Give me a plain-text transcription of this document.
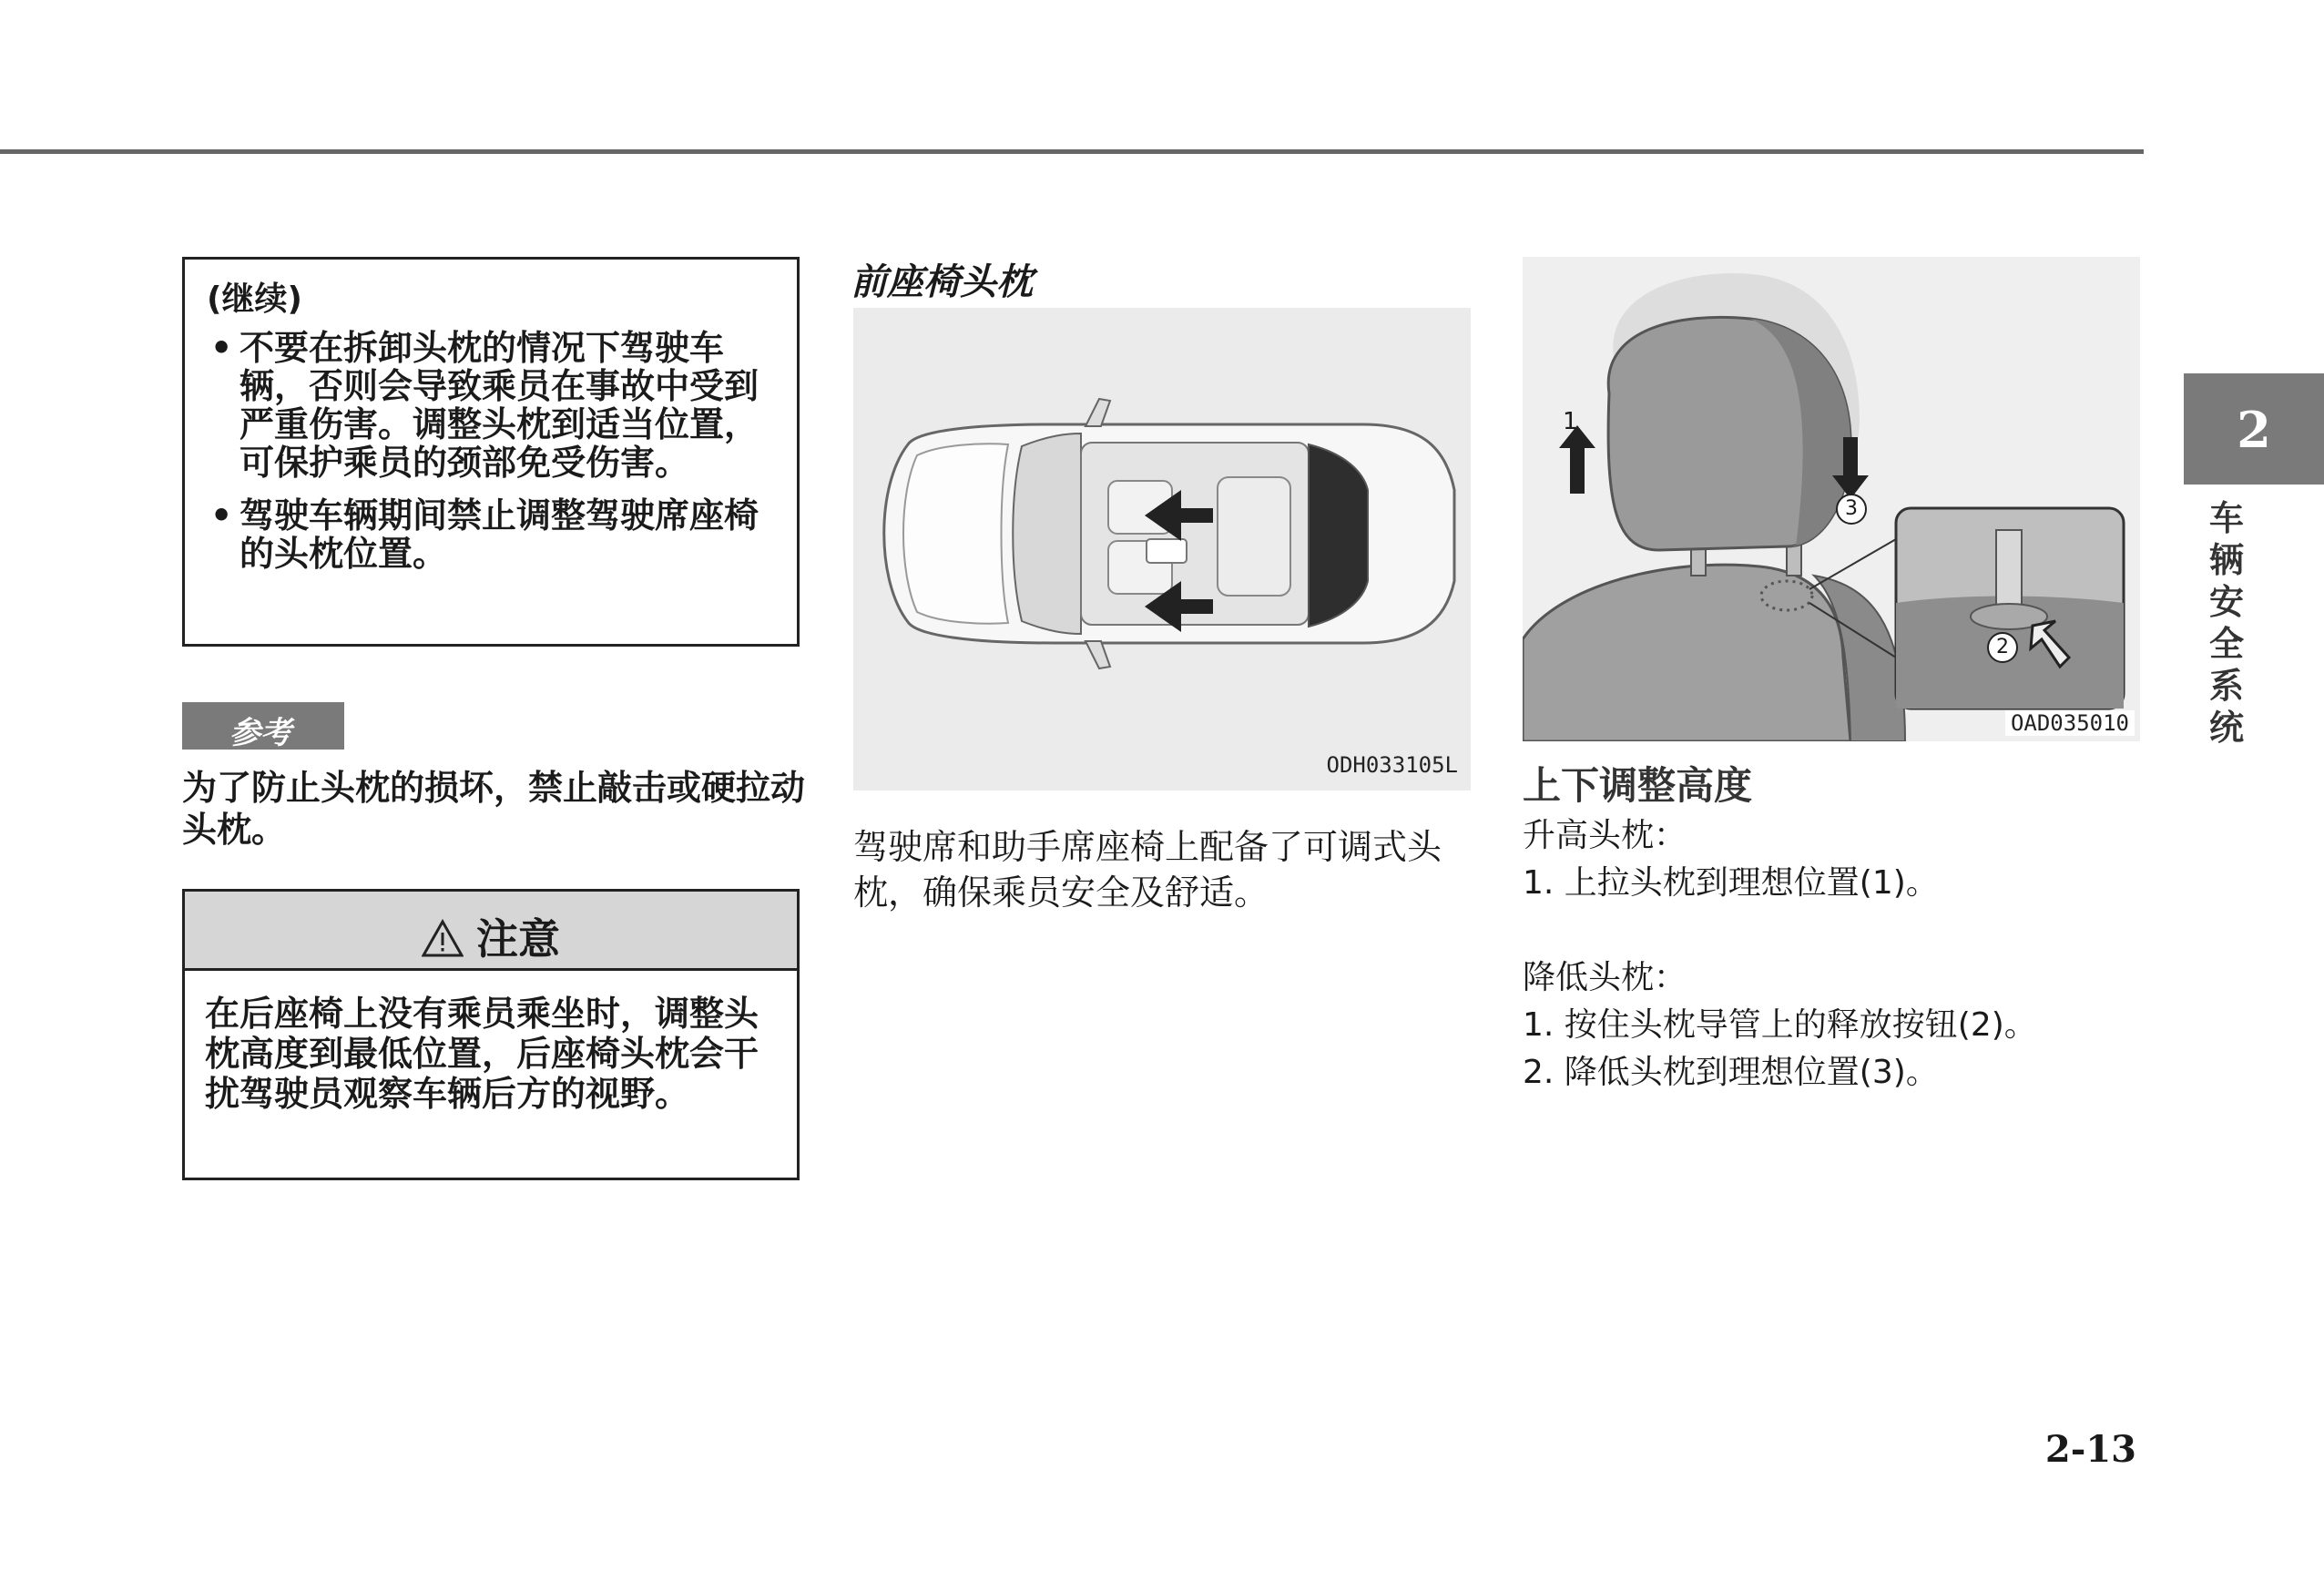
(继续)
• 不要在拆卸头枕的情况下驾驶车辆，否则会导致乘员在事故中受到严重伤害。调整头枕到适当位置，可保护乘员的颈部免受伤害。
• 驾驶车辆期间禁止调整驾驶席座椅的头枕位置。
参考
为了防止头枕的损坏，禁止敲击或硬拉动头枕。
注意
在后座椅上没有乘员乘坐时，调整头枕高度到最低位置，后座椅头枕会干扰驾驶员观察车辆后方的视野。
前座椅头枕
ODH033105L
驾驶席和助手席座椅上配备了可调式头枕，确保乘员安全及舒适。
1
3
2
OAD035010
上下调整高度

升高头枕：

1. 上拉头枕到理想位置(1)。

降低头枕：

1. 按住头枕导管上的释放按钮(2)。

2. 降低头枕到理想位置(3)。

2
车
辆
安
全
系
统
2-13
